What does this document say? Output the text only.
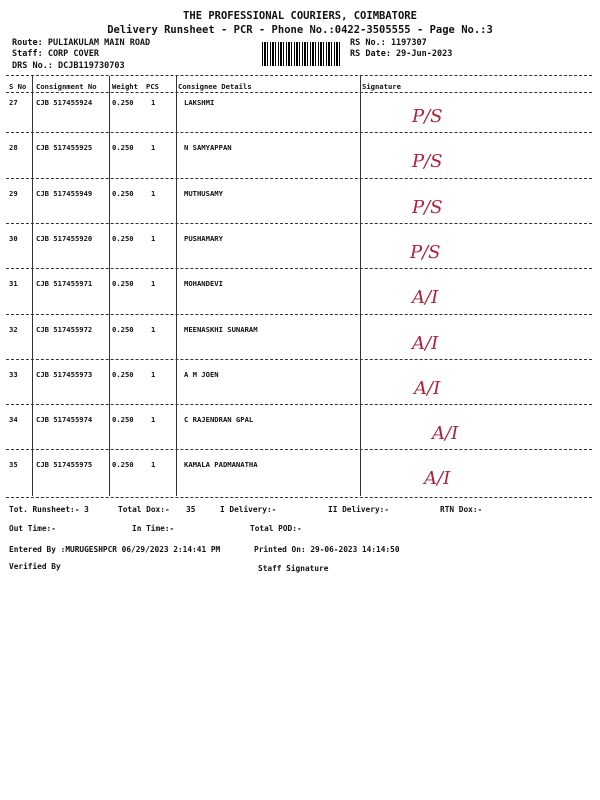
THE PROFESSIONAL COURIERS, COIMBATORE
Delivery Runsheet - PCR - Phone No.:0422-3505555 - Page No.:3
Route: PULIAKULAM MAIN ROAD
Staff: CORP COVER
DRS No.: DCJB119730703
RS No.: 1197307
RS Date: 29-Jun-2023
S No Consignment No Weight PCS	Consignee Details	Signature
27	CJB 517455924	0.250 1	LAKSHMI
P/S
28	CJB 517455925	0.250 1	N SAMYAPPAN
P/S
29	CJB 517455949	0.250 1	MUTHUSAMY
P/S
30	CJB 517455920	0.250 1	PUSHAMARY
P/S
31	CJB 517455971	0.250 1	MOHANDEVI
A/I
32	CJB 517455972	0.250 1	MEENASKHI SUNARAM
A/I
33	CJB 517455973	0.250 1	A M JOEN
A/I
34	CJB 517455974	0.250 1	C RAJENDRAN GPAL
A/I
35	CJB 517455975	0.250 1	KAMALA PADMANATHA
A/I
Tot. Runsheet:- 3	Total Dox:- 35	I Delivery:-	II Delivery:-	RTN Dox:-
Out Time:-	In Time:-	Total POD:-
Entered By :MURUGESHPCR 06/29/2023 2:14:41 PM	Printed On: 29-06-2023 14:14:50
Verified By	Staff Signature
